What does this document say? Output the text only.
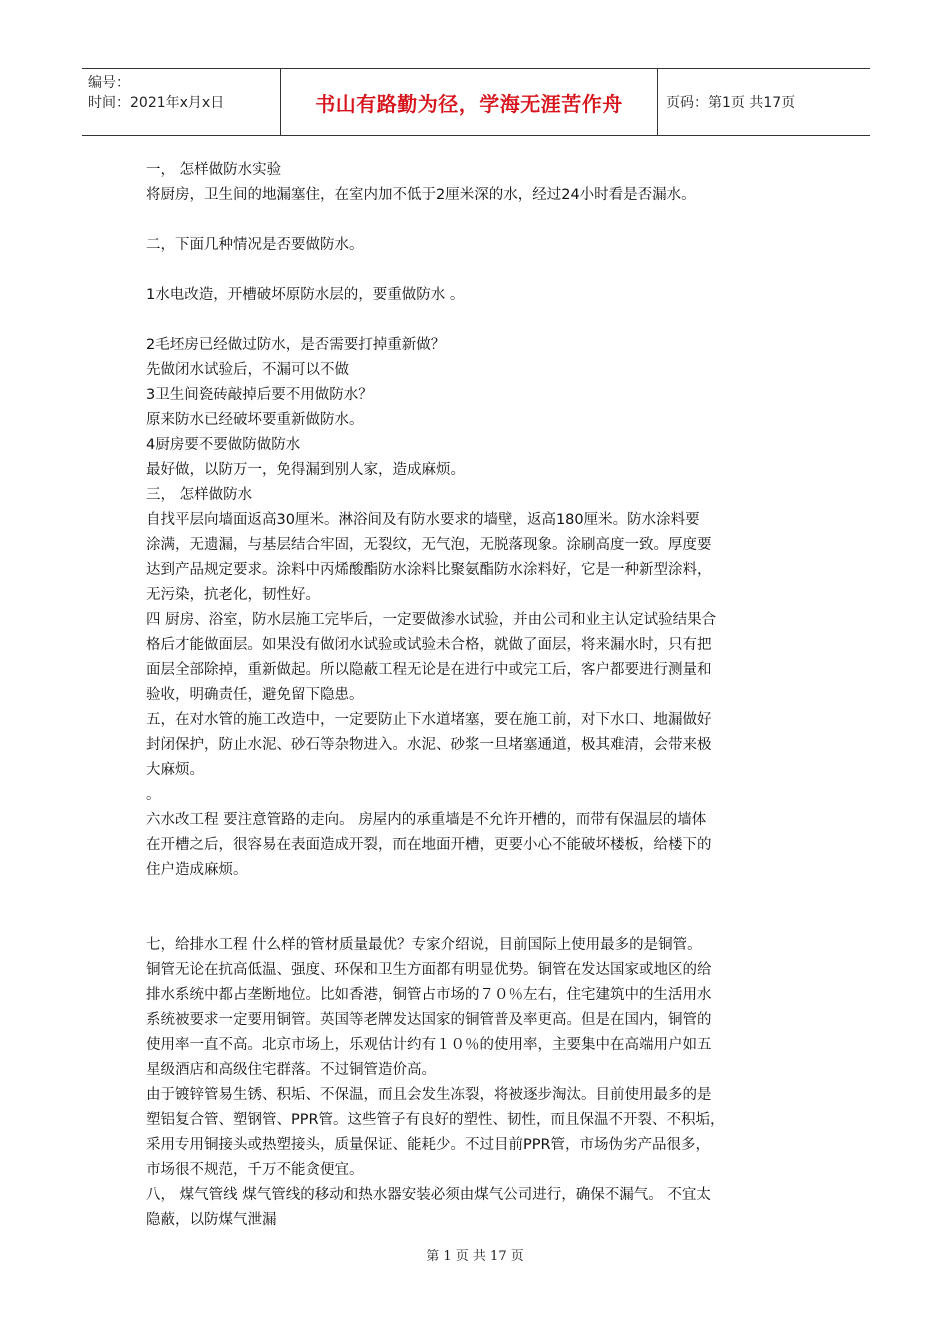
编号：
时间：2021年x月x日	书山有路勤为径，学海无涯苦作舟	页码：第1页 共17页
一， 怎样做防水实验
将厨房，卫生间的地漏塞住，在室内加不低于2厘米深的水，经过24小时看是否漏水。
二，下面几种情况是否要做防水。
1水电改造，开槽破坏原防水层的，要重做防水 。
2毛坯房已经做过防水，是否需要打掉重新做？
先做闭水试验后，不漏可以不做
3卫生间瓷砖敲掉后要不用做防水？
原来防水已经破坏要重新做防水。
4厨房要不要做防做防水
最好做，以防万一，免得漏到别人家，造成麻烦。
三， 怎样做防水
自找平层向墙面返高30厘米。淋浴间及有防水要求的墙壁，返高180厘米。防水涂料要
涂满，无遗漏，与基层结合牢固，无裂纹，无气泡，无脱落现象。涂刷高度一致。厚度要
达到产品规定要求。涂料中丙烯酸酯防水涂料比聚氨酯防水涂料好，它是一种新型涂料，
无污染，抗老化，韧性好。
四 厨房、浴室，防水层施工完毕后，一定要做渗水试验，并由公司和业主认定试验结果合
格后才能做面层。如果没有做闭水试验或试验未合格，就做了面层，将来漏水时，只有把
面层全部除掉，重新做起。所以隐蔽工程无论是在进行中或完工后，客户都要进行测量和
验收，明确责任，避免留下隐患。
五，在对水管的施工改造中，一定要防止下水道堵塞，要在施工前，对下水口、地漏做好
封闭保护，防止水泥、砂石等杂物进入。水泥、砂浆一旦堵塞通道，极其难清，会带来极
大麻烦。
。
六水改工程 要注意管路的走向。 房屋内的承重墙是不允许开槽的，而带有保温层的墙体
在开槽之后，很容易在表面造成开裂，而在地面开槽，更要小心不能破坏楼板，给楼下的
住户造成麻烦。
七，给排水工程 什么样的管材质量最优？专家介绍说，目前国际上使用最多的是铜管。
铜管无论在抗高低温、强度、环保和卫生方面都有明显优势。铜管在发达国家或地区的给
排水系统中都占垄断地位。比如香港，铜管占市场的７０％左右，住宅建筑中的生活用水
系统被要求一定要用铜管。英国等老牌发达国家的铜管普及率更高。但是在国内，铜管的
使用率一直不高。北京市场上，乐观估计约有１０％的使用率，主要集中在高端用户如五
星级酒店和高级住宅群落。不过铜管造价高。
由于镀锌管易生锈、积垢、不保温，而且会发生冻裂，将被逐步淘汰。目前使用最多的是
塑铝复合管、塑钢管、PPR管。这些管子有良好的塑性、韧性，而且保温不开裂、不积垢，
采用专用铜接头或热塑接头，质量保证、能耗少。不过目前PPR管，市场伪劣产品很多，
市场很不规范，千万不能贪便宜。
八， 煤气管线 煤气管线的移动和热水器安装必须由煤气公司进行，确保不漏气。 不宜太
隐蔽，以防煤气泄漏
第 1 页 共 17 页
